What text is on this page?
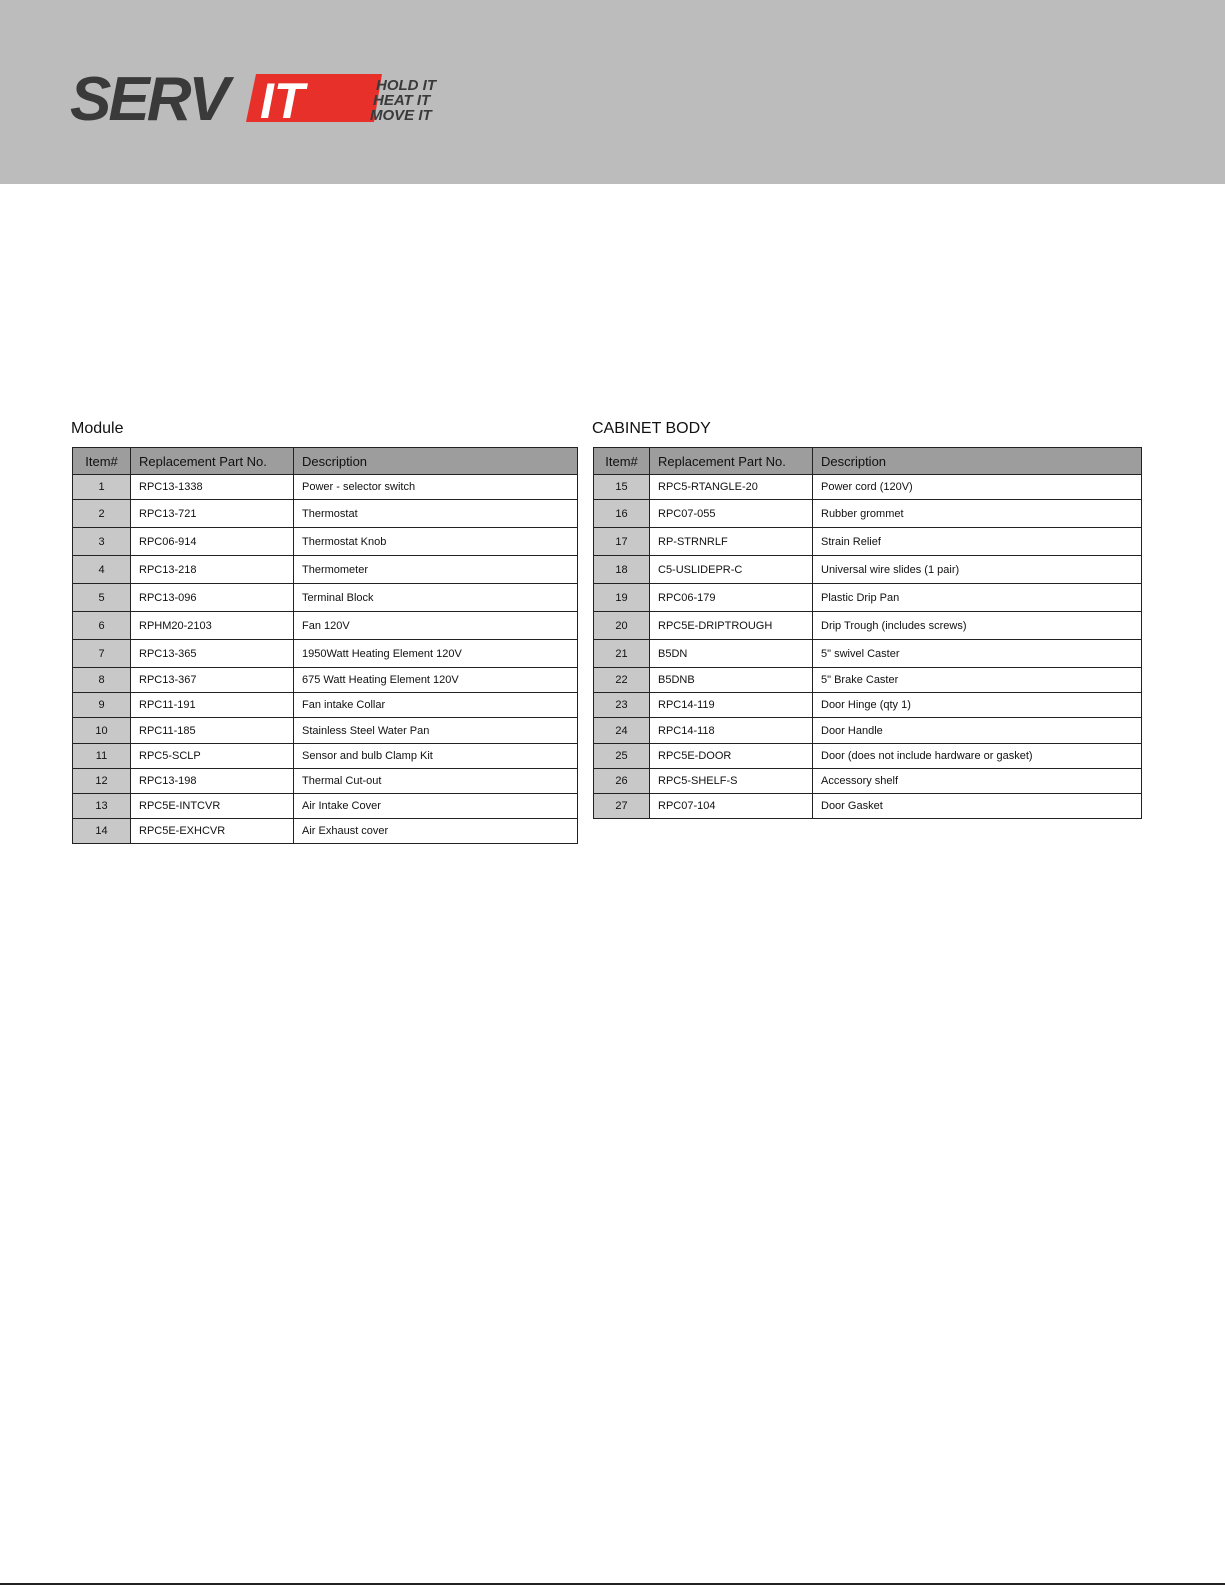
SERV IT	HOLD IT
HEAT IT
MOVE IT
Module
Item#	Replacement Part No.	Description
1	RPC13-1338	Power - selector switch
2	RPC13-721	Thermostat
3	RPC06-914	Thermostat Knob
4	RPC13-218	Thermometer
5	RPC13-096	Terminal Block
6	RPHM20-2103	Fan 120V
7	RPC13-365	1950Watt Heating Element 120V
8	RPC13-367	675 Watt Heating Element 120V
9	RPC11-191	Fan intake Collar
10	RPC11-185	Stainless Steel Water Pan
11	RPC5-SCLP	Sensor and bulb Clamp Kit
12	RPC13-198	Thermal Cut-out
13	RPC5E-INTCVR	Air Intake Cover
14	RPC5E-EXHCVR	Air Exhaust cover
CABINET BODY
Item#	Replacement Part No.	Description
15	RPC5-RTANGLE-20	Power cord (120V)
16	RPC07-055	Rubber grommet
17	RP-STRNRLF	Strain Relief
18	C5-USLIDEPR-C	Universal wire slides (1 pair)
19	RPC06-179	Plastic Drip Pan
20	RPC5E-DRIPTROUGH	Drip Trough (includes screws)
21	B5DN	5" swivel Caster
22	B5DNB	5" Brake Caster
23	RPC14-119	Door Hinge (qty 1)
24	RPC14-118	Door Handle
25	RPC5E-DOOR	Door (does not include hardware or gasket)
26	RPC5-SHELF-S	Accessory shelf
27	RPC07-104	Door Gasket
